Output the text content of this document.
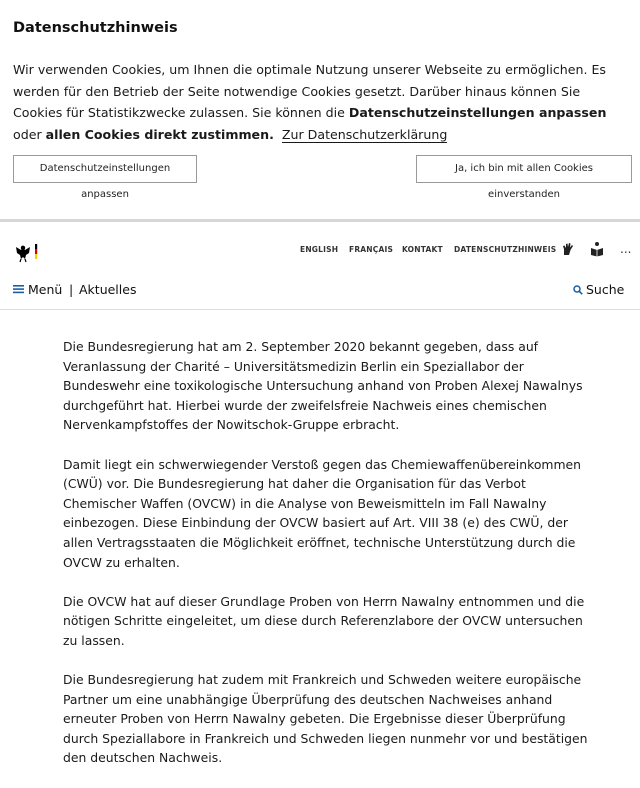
Datenschutzhinweis
Wir verwenden Cookies, um Ihnen die optimale Nutzung unserer Webseite zu ermöglichen. Es werden für den Betrieb der Seite notwendige Cookies gesetzt. Darüber hinaus können Sie Cookies für Statistikzwecke zulassen. Sie können die Datenschutzeinstellungen anpassen oder allen Cookies direkt zustimmen. Zur Datenschutzerklärung
Datenschutzeinstellungen anpassen
Ja, ich bin mit allen Cookies einverstanden
ENGLISH FRANÇAIS KONTAKT DATENSCHUTZHINWEIS	...
Menü | Aktuelles	Suche

Die Bundesregierung hat am 2. September 2020 bekannt gegeben, dass auf Veranlassung der Charité – Universitätsmedizin Berlin ein Speziallabor der Bundeswehr eine toxikologische Untersuchung anhand von Proben Alexej Nawalnys durchgeführt hat. Hierbei wurde der zweifelsfreie Nachweis eines chemischen Nervenkampfstoffes der Nowitschok-Gruppe erbracht.

Damit liegt ein schwerwiegender Verstoß gegen das Chemiewaffenübereinkommen (CWÜ) vor. Die Bundesregierung hat daher die Organisation für das Verbot Chemischer Waffen (OVCW) in die Analyse von Beweismitteln im Fall Nawalny einbezogen. Diese Einbindung der OVCW basiert auf Art. VIII 38 (e) des CWÜ, der allen Vertragsstaaten die Möglichkeit eröffnet, technische Unterstützung durch die OVCW zu erhalten.

Die OVCW hat auf dieser Grundlage Proben von Herrn Nawalny entnommen und die nötigen Schritte eingeleitet, um diese durch Referenzlabore der OVCW untersuchen zu lassen.

Die Bundesregierung hat zudem mit Frankreich und Schweden weitere europäische Partner um eine unabhängige Überprüfung des deutschen Nachweises anhand erneuter Proben von Herrn Nawalny gebeten. Die Ergebnisse dieser Überprüfung durch Speziallabore in Frankreich und Schweden liegen nunmehr vor und bestätigen den deutschen Nachweis.
